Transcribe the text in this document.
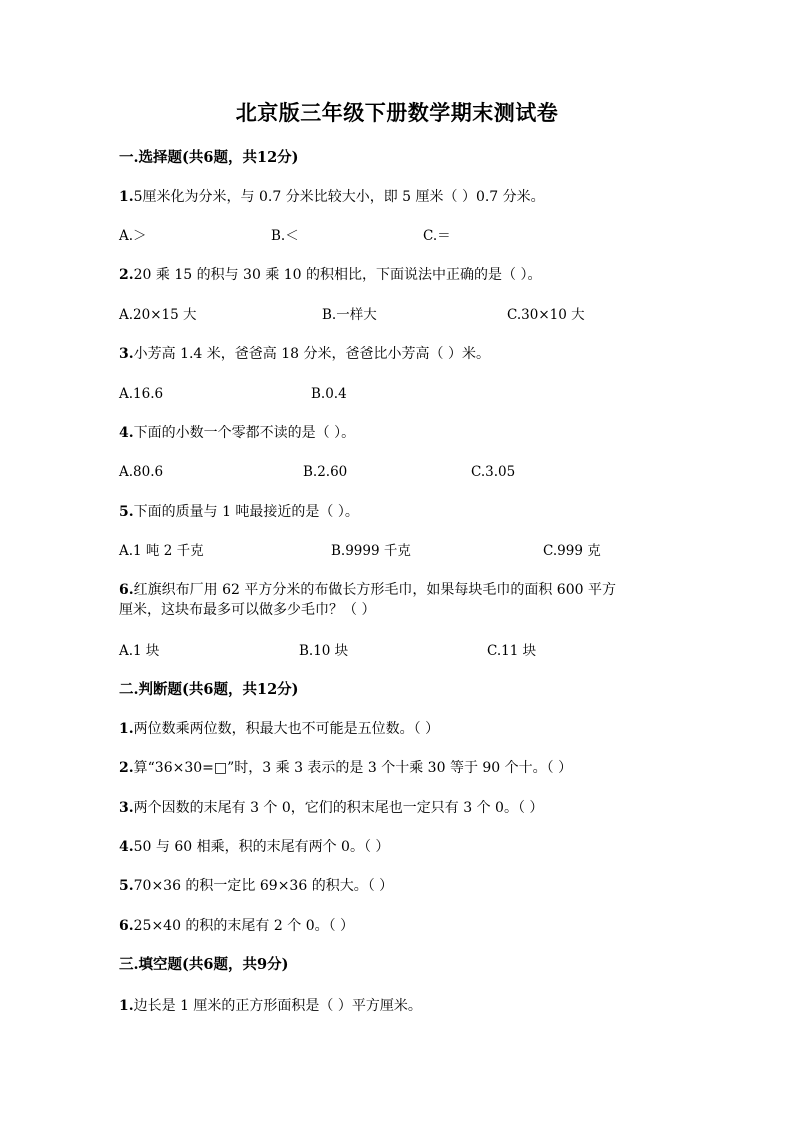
北京版三年级下册数学期末测试卷
一.选择题(共6题，共12分)
1.5厘米化为分米，与 0.7 分米比较大小，即 5 厘米（ ）0.7 分米。
A.＞	B.＜	C.＝
2.20 乘 15 的积与 30 乘 10 的积相比，下面说法中正确的是（ ）。
A.20×15 大	B.一样大	C.30×10 大
3.小芳高 1.4 米，爸爸高 18 分米，爸爸比小芳高（ ）米。
A.16.6	B.0.4
4.下面的小数一个零都不读的是（ ）。
A.80.6	B.2.60	C.3.05
5.下面的质量与 1 吨最接近的是（ ）。
A.1 吨 2 千克	B.9999 千克	C.999 克
6.红旗织布厂用 62 平方分米的布做长方形毛巾，如果每块毛巾的面积 600 平方
厘米，这块布最多可以做多少毛巾？（ ）
A.1 块	B.10 块	C.11 块
二.判断题(共6题，共12分)
1.两位数乘两位数，积最大也不可能是五位数。（ ）
2.算“36×30=□”时，3 乘 3 表示的是 3 个十乘 30 等于 90 个十。（ ）
3.两个因数的末尾有 3 个 0，它们的积末尾也一定只有 3 个 0。（ ）
4.50 与 60 相乘，积的末尾有两个 0。（ ）
5.70×36 的积一定比 69×36 的积大。（ ）
6.25×40 的积的末尾有 2 个 0。（ ）
三.填空题(共6题，共9分)
1.边长是 1 厘米的正方形面积是（ ）平方厘米。
